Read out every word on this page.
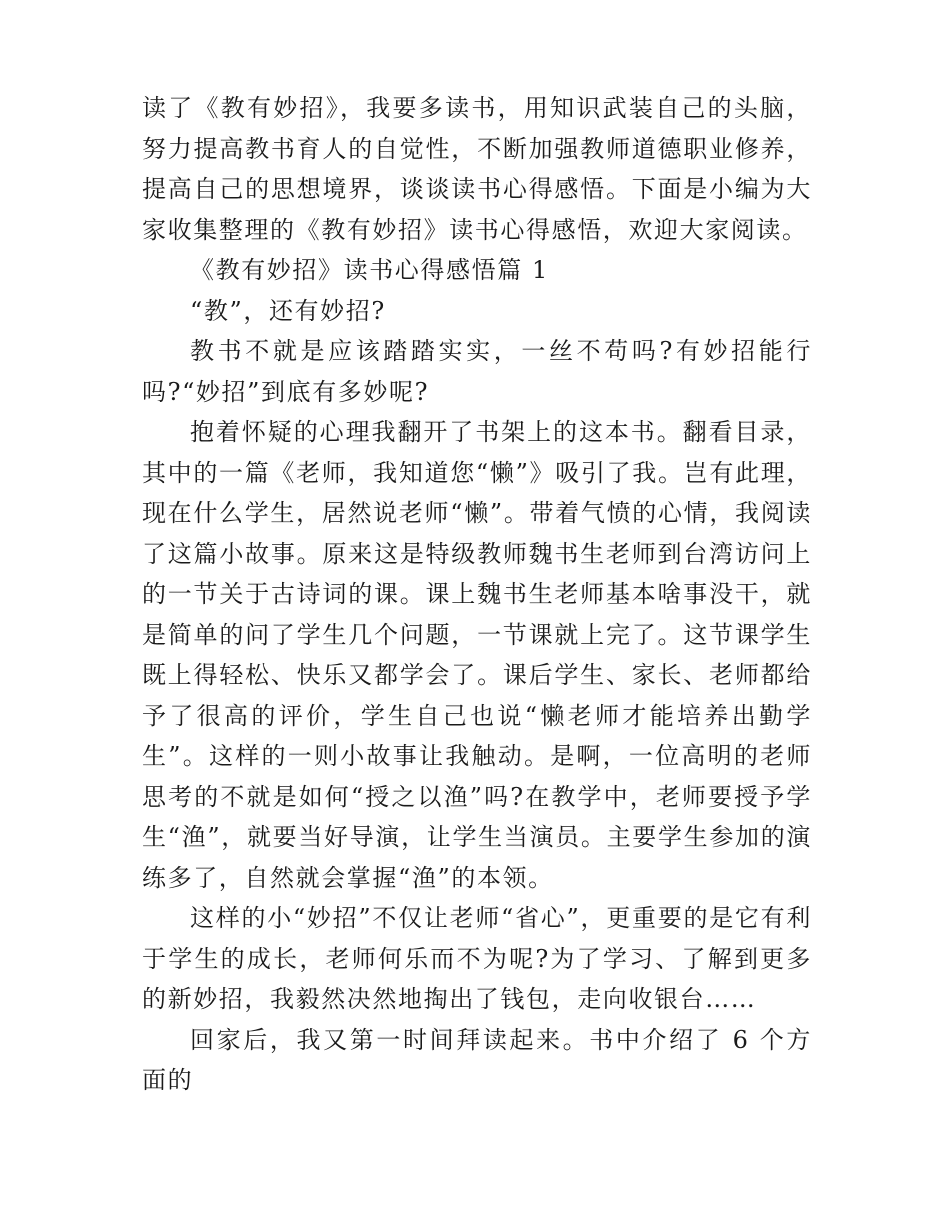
读了《教有妙招》，我要多读书，用知识武装自己的头脑，努力提高教书育人的自觉性，不断加强教师道德职业修养，提高自己的思想境界，谈谈读书心得感悟。下面是小编为大家收集整理的《教有妙招》读书心得感悟，欢迎大家阅读。

《教有妙招》读书心得感悟篇 1
“教”，还有妙招?

教书不就是应该踏踏实实，一丝不苟吗?有妙招能行吗?“妙招”到底有多妙呢?

抱着怀疑的心理我翻开了书架上的这本书。翻看目录，其中的一篇《老师，我知道您“懒”》吸引了我。岂有此理，现在什么学生，居然说老师“懒”。带着气愤的心情，我阅读了这篇小故事。原来这是特级教师魏书生老师到台湾访问上的一节关于古诗词的课。课上魏书生老师基本啥事没干，就是简单的问了学生几个问题，一节课就上完了。这节课学生既上得轻松、快乐又都学会了。课后学生、家长、老师都给予了很高的评价，学生自己也说“懒老师才能培养出勤学生”。这样的一则小故事让我触动。是啊，一位高明的老师思考的不就是如何“授之以渔”吗?在教学中，老师要授予学生“渔”，就要当好导演，让学生当演员。主要学生参加的演练多了，自然就会掌握“渔”的本领。

这样的小“妙招”不仅让老师“省心”，更重要的是它有利于学生的成长，老师何乐而不为呢?为了学习、了解到更多的新妙招，我毅然决然地掏出了钱包，走向收银台……

回家后，我又第一时间拜读起来。书中介绍了 6 个方面的
